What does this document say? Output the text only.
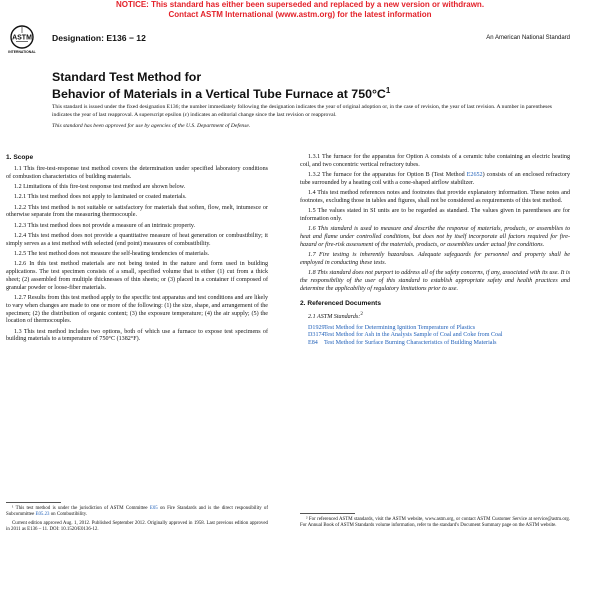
NOTICE: This standard has either been superseded and replaced by a new version or withdrawn.
Contact ASTM International (www.astm.org) for the latest information
ASTM
INTERNATIONAL
Designation: E136 − 12	An American National Standard
Standard Test Method for
Behavior of Materials in a Vertical Tube Furnace at $750^\circ C^1$

This standard is issued under the fixed designation E136; the number immediately following the designation indicates the year of original adoption or, in the case of revision, the year of last revision. A number in parentheses indicates the year of last reapproval. A superscript epsilon (ε) indicates an editorial change since the last revision or reapproval.

This standard has been approved for use by agencies of the U.S. Department of Defense.

1. Scope

1.1 This fire-test-response test method covers the determination under specified laboratory conditions of combustion characteristics of building materials.

1.2 Limitations of this fire-test response test method are shown below.

1.2.1 This test method does not apply to laminated or coated materials.

1.2.2 This test method is not suitable or satisfactory for materials that soften, flow, melt, intumesce or otherwise separate from the measuring thermocouple.

1.2.3 This test method does not provide a measure of an intrinsic property.

1.2.4 This test method does not provide a quantitative measure of heat generation or combustibility; it simply serves as a test method with selected (end point) measures of combustibility.

1.2.5 The test method does not measure the self-heating tendencies of materials.

1.2.6 In this test method materials are not being tested in the nature and form used in building applications. The test specimen consists of a small, specified volume that is either (1) cut from a thick sheet; (2) assembled from multiple thicknesses of thin sheets; or (3) placed in a container if composed of granular powder or loose-fiber materials.

1.2.7 Results from this test method apply to the specific test apparatus and test conditions and are likely to vary when changes are made to one or more of the following: (1) the size, shape, and arrangement of the specimen; (2) the distribution of organic content; (3) the exposure temperature; (4) the air supply; (5) the location of thermocouples.

1.3 This test method includes two options, both of which use a furnace to expose test specimens of building materials to a temperature of 750°C (1382°F).

1.3.1 The furnace for the apparatus for Option A consists of a ceramic tube containing an electric heating coil, and two concentric vertical refractory tubes.

1.3.2 The furnace for the apparatus for Option B (Test Method E2652) consists of an enclosed refractory tube surrounded by a heating coil with a cone-shaped airflow stabilizer.

1.4 This test method references notes and footnotes that provide explanatory information. These notes and footnotes, excluding those in tables and figures, shall not be considered as requirements of this test method.

1.5 The values stated in SI units are to be regarded as standard. The values given in parentheses are for information only.

1.6 This standard is used to measure and describe the response of materials, products, or assemblies to heat and flame under controlled conditions, but does not by itself incorporate all factors required for fire-hazard or fire-risk assessment of the materials, products, or assemblies under actual fire conditions.

1.7 Fire testing is inherently hazardous. Adequate safeguards for personnel and property shall be employed in conducting these tests.

1.8 This standard does not purport to address all of the safety concerns, if any, associated with its use. It is the responsibility of the user of this standard to establish appropriate safety and health practices and determine the applicability of regulatory limitations prior to use.

2. Referenced Documents

2.1 ASTM Standards:$^2$

D1929 Test Method for Determining Ignition Temperature of Plastics
D3174 Test Method for Ash in the Analysis Sample of Coal and Coke from Coal
E84	Test Method for Surface Burning Characteristics of Building Materials

¹ This test method is under the jurisdiction of ASTM Committee E05 on Fire Standards and is the direct responsibility of Subcommittee E05.23 on Combustibility.

Current edition approved Aug. 1, 2012. Published September 2012. Originally approved in 1958. Last previous edition approved in 2011 as E136 – 11. DOI: 10.1520/E0136-12.

² For referenced ASTM standards, visit the ASTM website, www.astm.org, or contact ASTM Customer Service at service@astm.org. For Annual Book of ASTM Standards volume information, refer to the standard's Document Summary page on the ASTM website.
